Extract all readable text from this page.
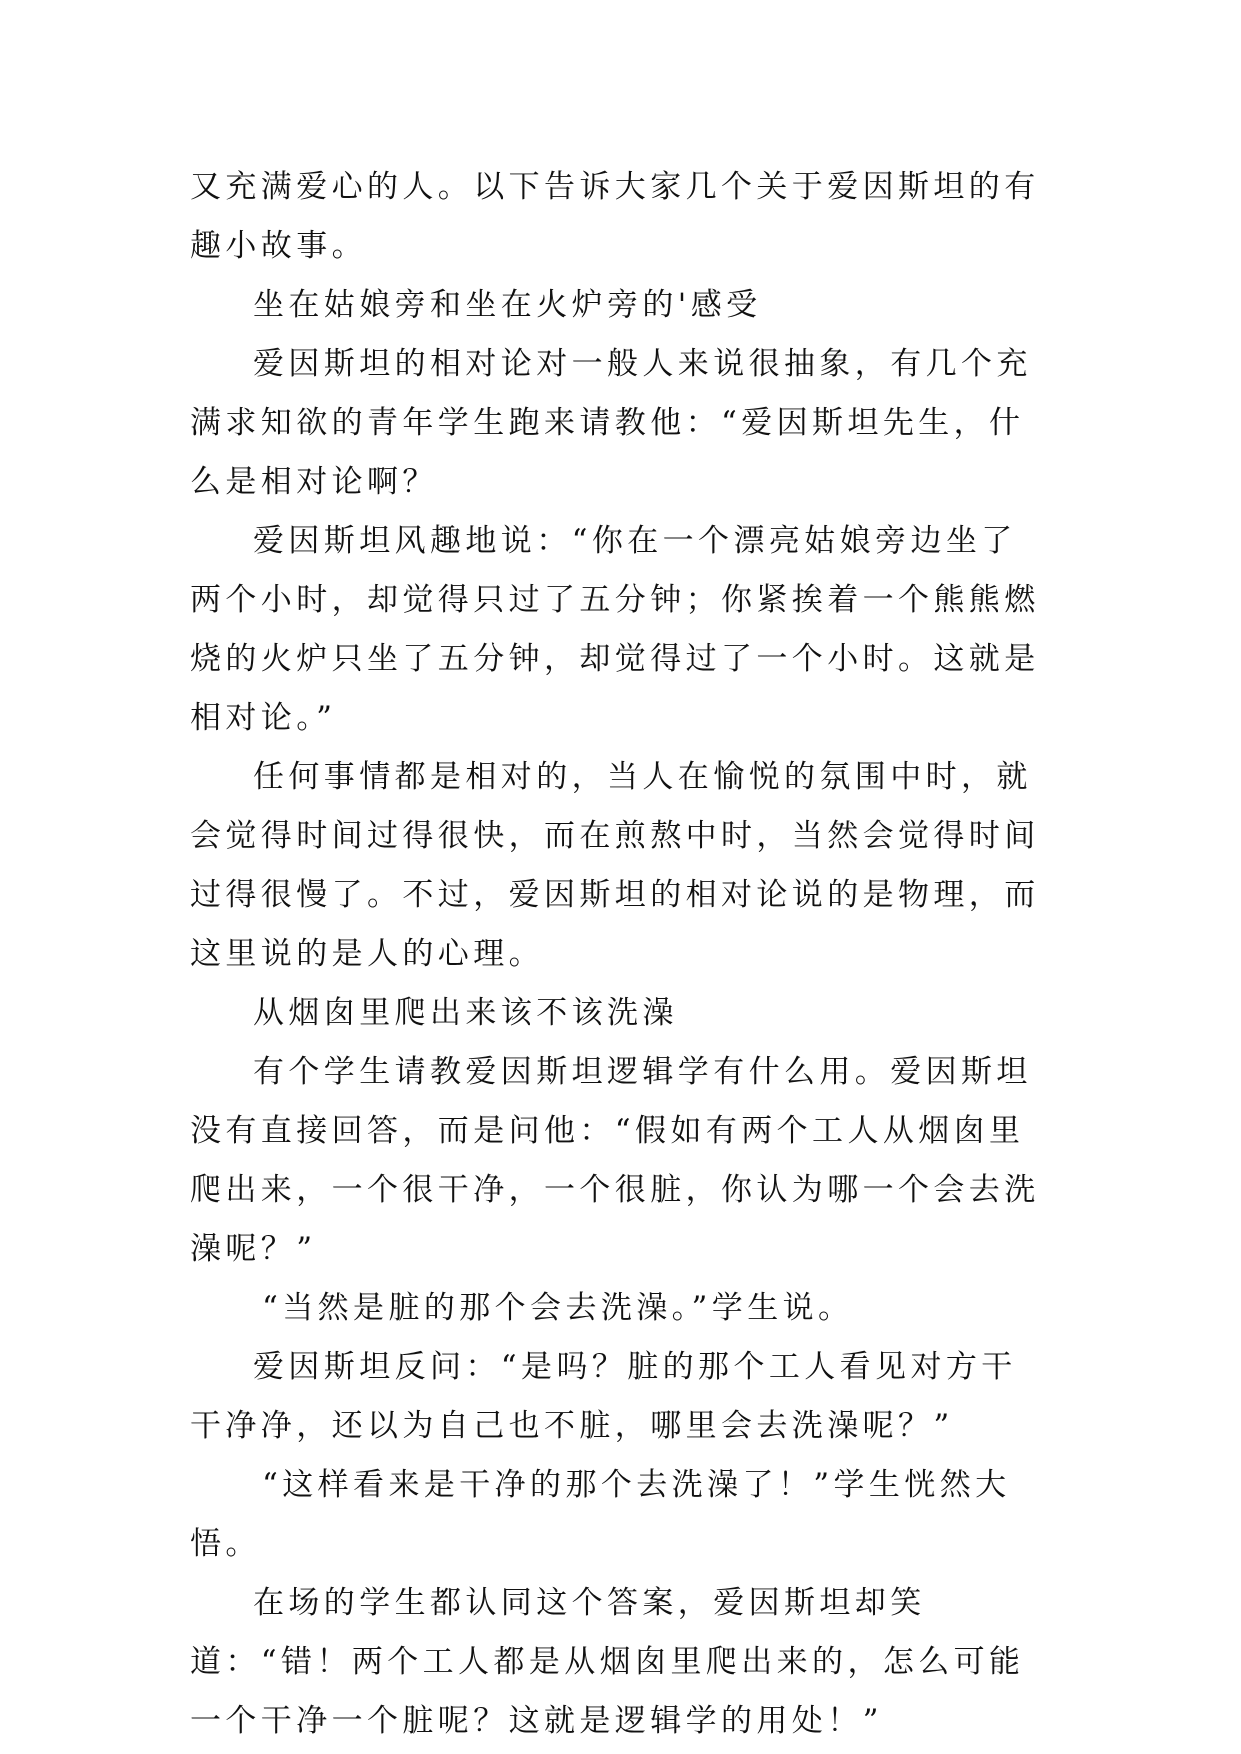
又充满爱心的人。以下告诉大家几个关于爱因斯坦的有趣小故事。

坐在姑娘旁和坐在火炉旁的'感受

爱因斯坦的相对论对一般人来说很抽象，有几个充满求知欲的青年学生跑来请教他：“爱因斯坦先生，什么是相对论啊？

爱因斯坦风趣地说：“你在一个漂亮姑娘旁边坐了两个小时，却觉得只过了五分钟；你紧挨着一个熊熊燃烧的火炉只坐了五分钟，却觉得过了一个小时。这就是相对论。”

任何事情都是相对的，当人在愉悦的氛围中时，就会觉得时间过得很快，而在煎熬中时，当然会觉得时间过得很慢了。不过，爱因斯坦的相对论说的是物理，而这里说的是人的心理。

从烟囱里爬出来该不该洗澡

有个学生请教爱因斯坦逻辑学有什么用。爱因斯坦没有直接回答，而是问他：“假如有两个工人从烟囱里爬出来，一个很干净，一个很脏，你认为哪一个会去洗澡呢？”

“当然是脏的那个会去洗澡。”学生说。

爱因斯坦反问：“是吗？脏的那个工人看见对方干干净净，还以为自己也不脏，哪里会去洗澡呢？”

“这样看来是干净的那个去洗澡了！”学生恍然大悟。

在场的学生都认同这个答案，爱因斯坦却笑道：“错！两个工人都是从烟囱里爬出来的，怎么可能一个干净一个脏呢？这就是逻辑学的用处！”
